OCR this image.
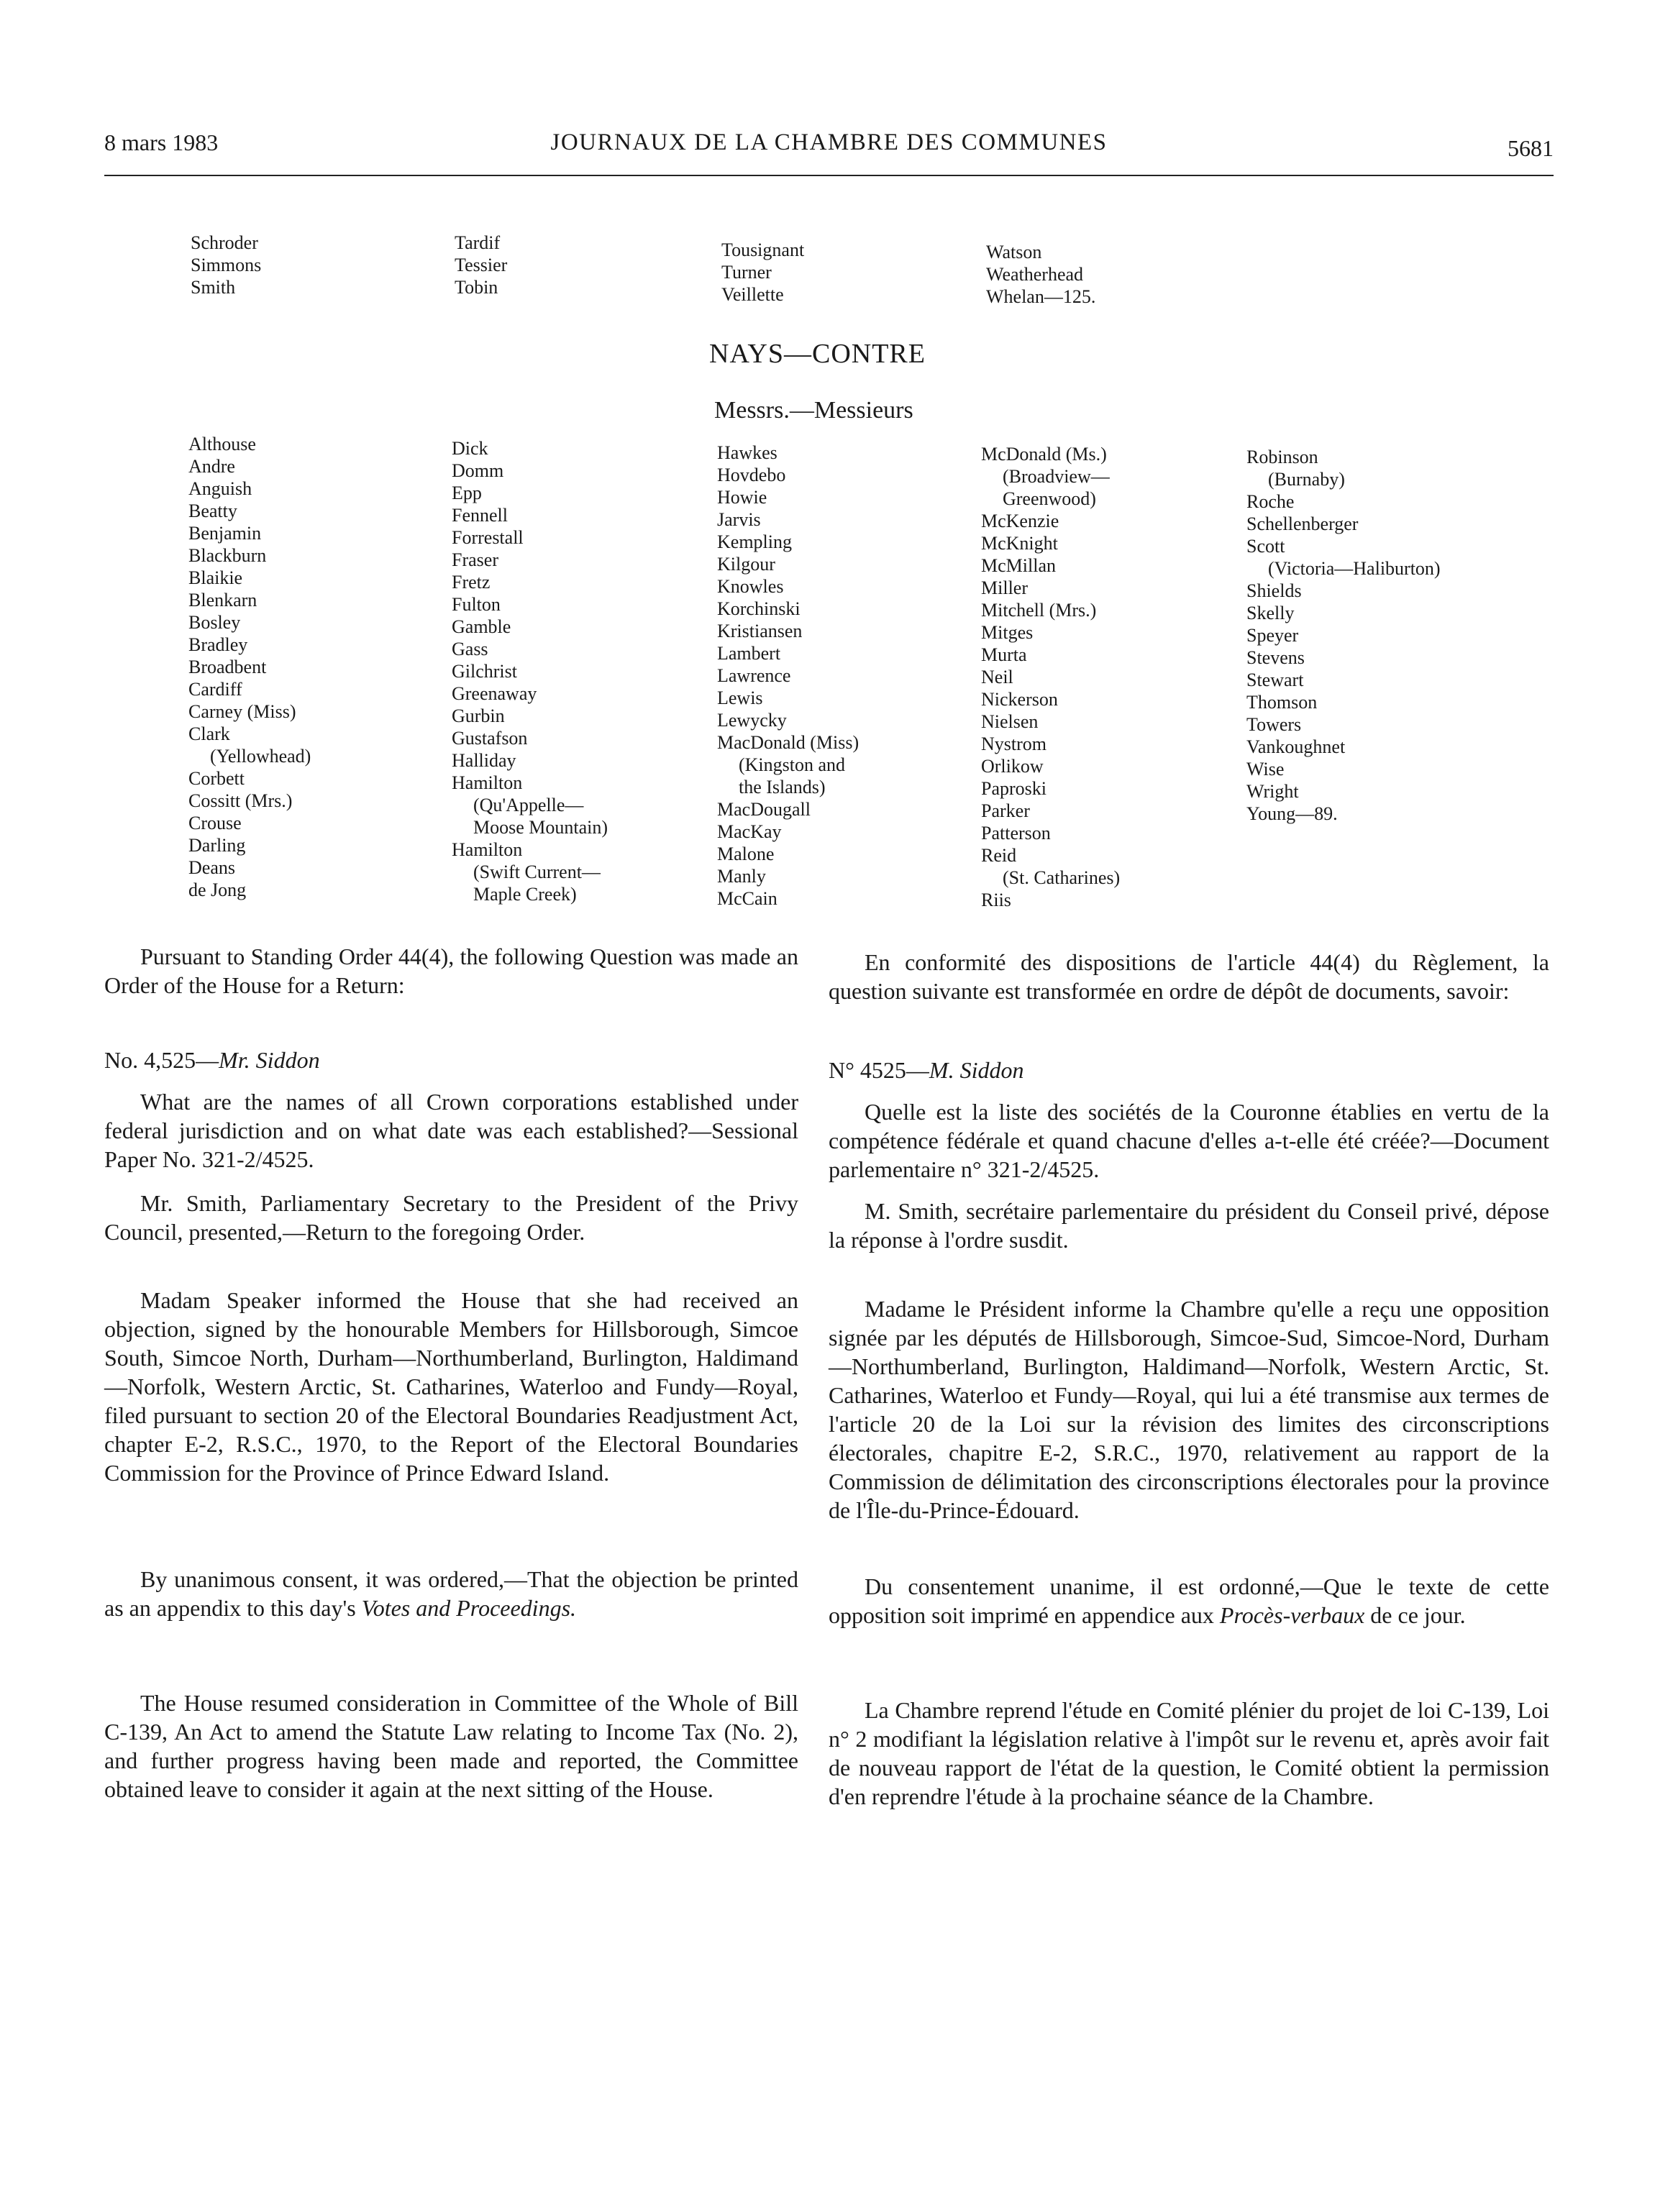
8 mars 1983	JOURNAUX DE LA CHAMBRE DES COMMUNES	5681
Schroder
Simmons
Smith
Tardif
Tessier
Tobin
Tousignant
Turner
Veillette
Watson
Weatherhead
Whelan—125.
NAYS—CONTRE
Messrs.—Messieurs
Althouse
Andre
Anguish
Beatty
Benjamin
Blackburn
Blaikie
Blenkarn
Bosley
Bradley
Broadbent
Cardiff
Carney (Miss)
Clark
(Yellowhead)
Corbett
Cossitt (Mrs.)
Crouse
Darling
Deans
de Jong
Dick
Domm
Epp
Fennell
Forrestall
Fraser
Fretz
Fulton
Gamble
Gass
Gilchrist
Greenaway
Gurbin
Gustafson
Halliday
Hamilton
(Qu'Appelle—
Moose Mountain)
Hamilton
(Swift Current—
Maple Creek)
Hawkes
Hovdebo
Howie
Jarvis
Kempling
Kilgour
Knowles
Korchinski
Kristiansen
Lambert
Lawrence
Lewis
Lewycky
MacDonald (Miss)
(Kingston and
the Islands)
MacDougall
MacKay
Malone
Manly
McCain
McDonald (Ms.)
(Broadview—
Greenwood)
McKenzie
McKnight
McMillan
Miller
Mitchell (Mrs.)
Mitges
Murta
Neil
Nickerson
Nielsen
Nystrom
Orlikow
Paproski
Parker
Patterson
Reid
(St. Catharines)
Riis
Robinson
(Burnaby)
Roche
Schellenberger
Scott
(Victoria—Haliburton)
Shields
Skelly
Speyer
Stevens
Stewart
Thomson
Towers
Vankoughnet
Wise
Wright
Young—89.

Pursuant to Standing Order 44(4), the following Question was made an Order of the House for a Return:

No. 4,525—Mr. Siddon

What are the names of all Crown corporations established under federal jurisdiction and on what date was each established?—Sessional Paper No. 321-2/4525.

Mr. Smith, Parliamentary Secretary to the President of the Privy Council, presented,—Return to the foregoing Order.

Madam Speaker informed the House that she had received an objection, signed by the honourable Members for Hillsborough, Simcoe South, Simcoe North, Durham—Northumberland, Burlington, Haldimand—Norfolk, Western Arctic, St. Catharines, Waterloo and Fundy—Royal, filed pursuant to section 20 of the Electoral Boundaries Readjustment Act, chapter E-2, R.S.C., 1970, to the Report of the Electoral Boundaries Commission for the Province of Prince Edward Island.

By unanimous consent, it was ordered,—That the objection be printed as an appendix to this day's Votes and Proceedings.

The House resumed consideration in Committee of the Whole of Bill C-139, An Act to amend the Statute Law relating to Income Tax (No. 2), and further progress having been made and reported, the Committee obtained leave to consider it again at the next sitting of the House.

En conformité des dispositions de l'article 44(4) du Règlement, la question suivante est transformée en ordre de dépôt de documents, savoir:

N° 4525—M. Siddon

Quelle est la liste des sociétés de la Couronne établies en vertu de la compétence fédérale et quand chacune d'elles a-t-elle été créée?—Document parlementaire n° 321-2/4525.

M. Smith, secrétaire parlementaire du président du Conseil privé, dépose la réponse à l'ordre susdit.

Madame le Président informe la Chambre qu'elle a reçu une opposition signée par les députés de Hillsborough, Simcoe-Sud, Simcoe-Nord, Durham—Northumberland, Burlington, Haldimand—Norfolk, Western Arctic, St. Catharines, Waterloo et Fundy—Royal, qui lui a été transmise aux termes de l'article 20 de la Loi sur la révision des limites des circonscriptions électorales, chapitre E-2, S.R.C., 1970, relativement au rapport de la Commission de délimitation des circonscriptions électorales pour la province de l'Île-du-Prince-Édouard.

Du consentement unanime, il est ordonné,—Que le texte de cette opposition soit imprimé en appendice aux Procès-verbaux de ce jour.

La Chambre reprend l'étude en Comité plénier du projet de loi C-139, Loi n° 2 modifiant la législation relative à l'impôt sur le revenu et, après avoir fait de nouveau rapport de l'état de la question, le Comité obtient la permission d'en reprendre l'étude à la prochaine séance de la Chambre.
